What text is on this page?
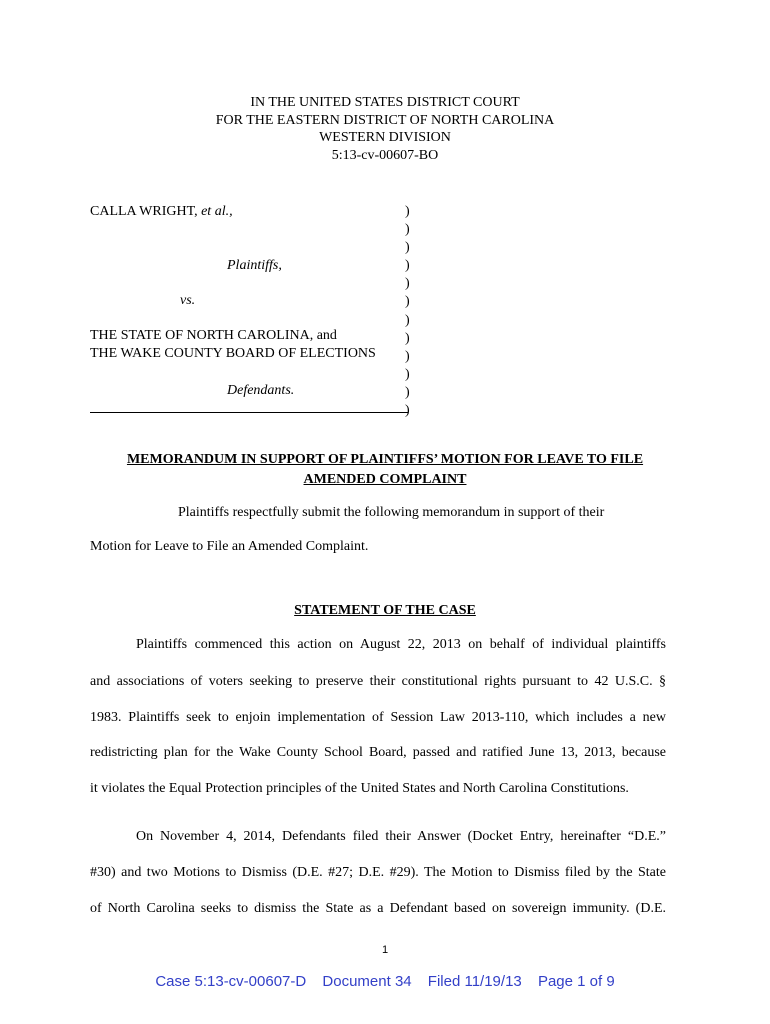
IN THE UNITED STATES DISTRICT COURT
FOR THE EASTERN DISTRICT OF NORTH CAROLINA
WESTERN DIVISION
5:13-cv-00607-BO
CALLA WRIGHT, et al.,
Plaintiffs,
vs.
THE STATE OF NORTH CAROLINA, and
THE WAKE COUNTY BOARD OF ELECTIONS
Defendants.
)
)
)
)
)
)
)
)
)
)
)
)
MEMORANDUM IN SUPPORT OF PLAINTIFFS’ MOTION FOR LEAVE TO FILE
AMENDED COMPLAINT
Plaintiffs respectfully submit the following memorandum in support of their
Motion for Leave to File an Amended Complaint.
STATEMENT OF THE CASE
Plaintiffs commenced this action on August 22, 2013 on behalf of individual plaintiffs
and associations of voters seeking to preserve their constitutional rights pursuant to 42 U.S.C. §
1983. Plaintiffs seek to enjoin implementation of Session Law 2013-110, which includes a new
redistricting plan for the Wake County School Board, passed and ratified June 13, 2013, because
it violates the Equal Protection principles of the United States and North Carolina Constitutions.
On November 4, 2014, Defendants filed their Answer (Docket Entry, hereinafter “D.E.”
#30) and two Motions to Dismiss (D.E. #27; D.E. #29). The Motion to Dismiss filed by the State
of North Carolina seeks to dismiss the State as a Defendant based on sovereign immunity. (D.E.
1
Case 5:13-cv-00607-D Document 34 Filed 11/19/13 Page 1 of 9
